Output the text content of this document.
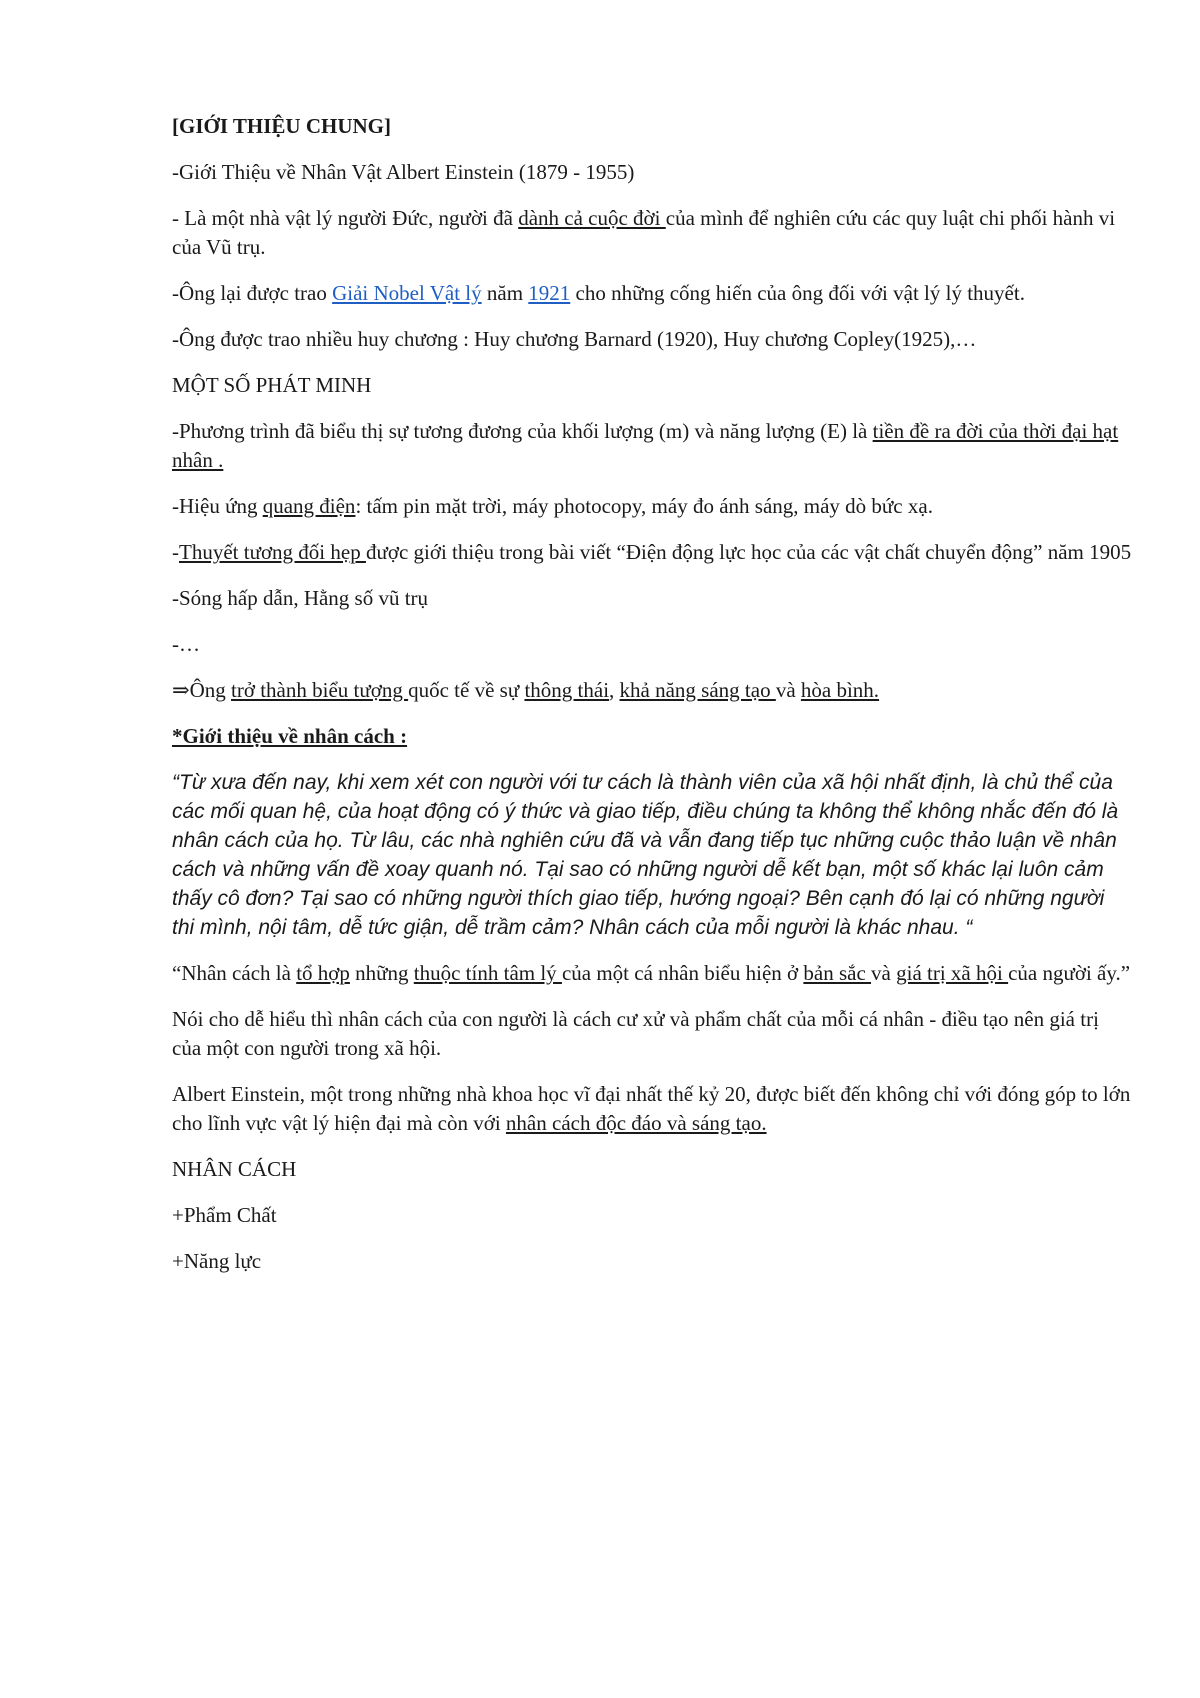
[GIỚI THIỆU CHUNG]

-Giới Thiệu về Nhân Vật Albert Einstein (1879 - 1955)

- Là một nhà vật lý người Đức, người đã dành cả cuộc đời của mình để nghiên cứu các quy luật chi phối hành vi của Vũ trụ.

-Ông lại được trao Giải Nobel Vật lý năm 1921 cho những cống hiến của ông đối với vật lý lý thuyết.

-Ông được trao nhiều huy chương : Huy chương Barnard (1920), Huy chương Copley(1925),…

MỘT SỐ PHÁT MINH

-Phương trình đã biểu thị sự tương đương của khối lượng (m) và năng lượng (E) là tiền đề ra đời của thời đại hạt nhân .

-Hiệu ứng quang điện: tấm pin mặt trời, máy photocopy, máy đo ánh sáng, máy dò bức xạ.

-Thuyết tương đối hẹp được giới thiệu trong bài viết “Điện động lực học của các vật chất chuyển động” năm 1905

-Sóng hấp dẫn, Hằng số vũ trụ

-…

⇒Ông trở thành biểu tượng quốc tế về sự thông thái, khả năng sáng tạo và hòa bình.

*Giới thiệu về nhân cách :

“Từ xưa đến nay, khi xem xét con người với tư cách là thành viên của xã hội nhất định, là chủ thể của các mối quan hệ, của hoạt động có ý thức và giao tiếp, điều chúng ta không thể không nhắc đến đó là nhân cách của họ. Từ lâu, các nhà nghiên cứu đã và vẫn đang tiếp tục những cuộc thảo luận về nhân cách và những vấn đề xoay quanh nó. Tại sao có những người dễ kết bạn, một số khác lại luôn cảm thấy cô đơn? Tại sao có những người thích giao tiếp, hướng ngoại? Bên cạnh đó lại có những người thi mình, nội tâm, dễ tức giận, dễ trầm cảm? Nhân cách của mỗi người là khác nhau. “

“Nhân cách là tổ hợp những thuộc tính tâm lý của một cá nhân biểu hiện ở bản sắc và giá trị xã hội của người ấy.”

Nói cho dễ hiểu thì nhân cách của con người là cách cư xử và phẩm chất của mỗi cá nhân - điều tạo nên giá trị của một con người trong xã hội.

Albert Einstein, một trong những nhà khoa học vĩ đại nhất thế kỷ 20, được biết đến không chỉ với đóng góp to lớn cho lĩnh vực vật lý hiện đại mà còn với nhân cách độc đáo và sáng tạo.

NHÂN CÁCH

+Phẩm Chất

+Năng lực
